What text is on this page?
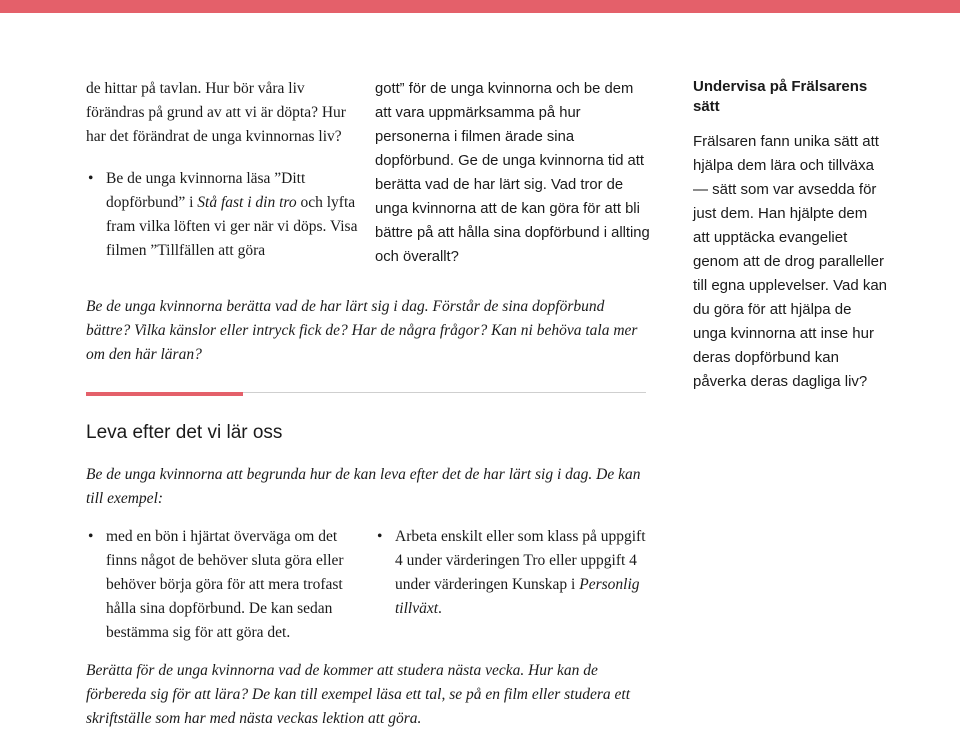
de hittar på tavlan. Hur bör våra liv förändras på grund av att vi är döpta? Hur har det förändrat de unga kvinnornas liv?

• Be de unga kvinnorna läsa ”Ditt dopförbund” i Stå fast i din tro och lyfta fram vilka löften vi ger när vi döps. Visa filmen ”Tillfällen att göra

gott” för de unga kvinnorna och be dem att vara uppmärksamma på hur personerna i filmen ärade sina dopförbund. Ge de unga kvinnorna tid att berätta vad de har lärt sig. Vad tror de unga kvinnorna att de kan göra för att bli bättre på att hålla sina dopförbund i allting och överallt?

Be de unga kvinnorna berätta vad de har lärt sig i dag. Förstår de sina dopförbund bättre? Vilka känslor eller intryck fick de? Har de några frågor? Kan ni behöva tala mer om den här läran?

Leva efter det vi lär oss

Be de unga kvinnorna att begrunda hur de kan leva efter det de har lärt sig i dag. De kan till exempel:

• med en bön i hjärtat överväga om det finns något de behöver sluta göra eller behöver börja göra för att mera trofast hålla sina dopförbund. De kan sedan bestämma sig för att göra det.
• Arbeta enskilt eller som klass på uppgift 4 under värderingen Tro eller uppgift 4 under värderingen Kunskap i Personlig tillväxt.

Berätta för de unga kvinnorna vad de kommer att studera nästa vecka. Hur kan de förbereda sig för att lära? De kan till exempel läsa ett tal, se på en film eller studera ett skriftställe som har med nästa veckas lektion att göra.

Undervisa på Frälsarens sätt

Frälsaren fann unika sätt att hjälpa dem lära och tillväxa — sätt som var avsedda för just dem. Han hjälpte dem att upptäcka evangeliet genom att de drog paralleller till egna upplevelser. Vad kan du göra för att hjälpa de unga kvinnorna att inse hur deras dopförbund kan påverka deras dagliga liv?
